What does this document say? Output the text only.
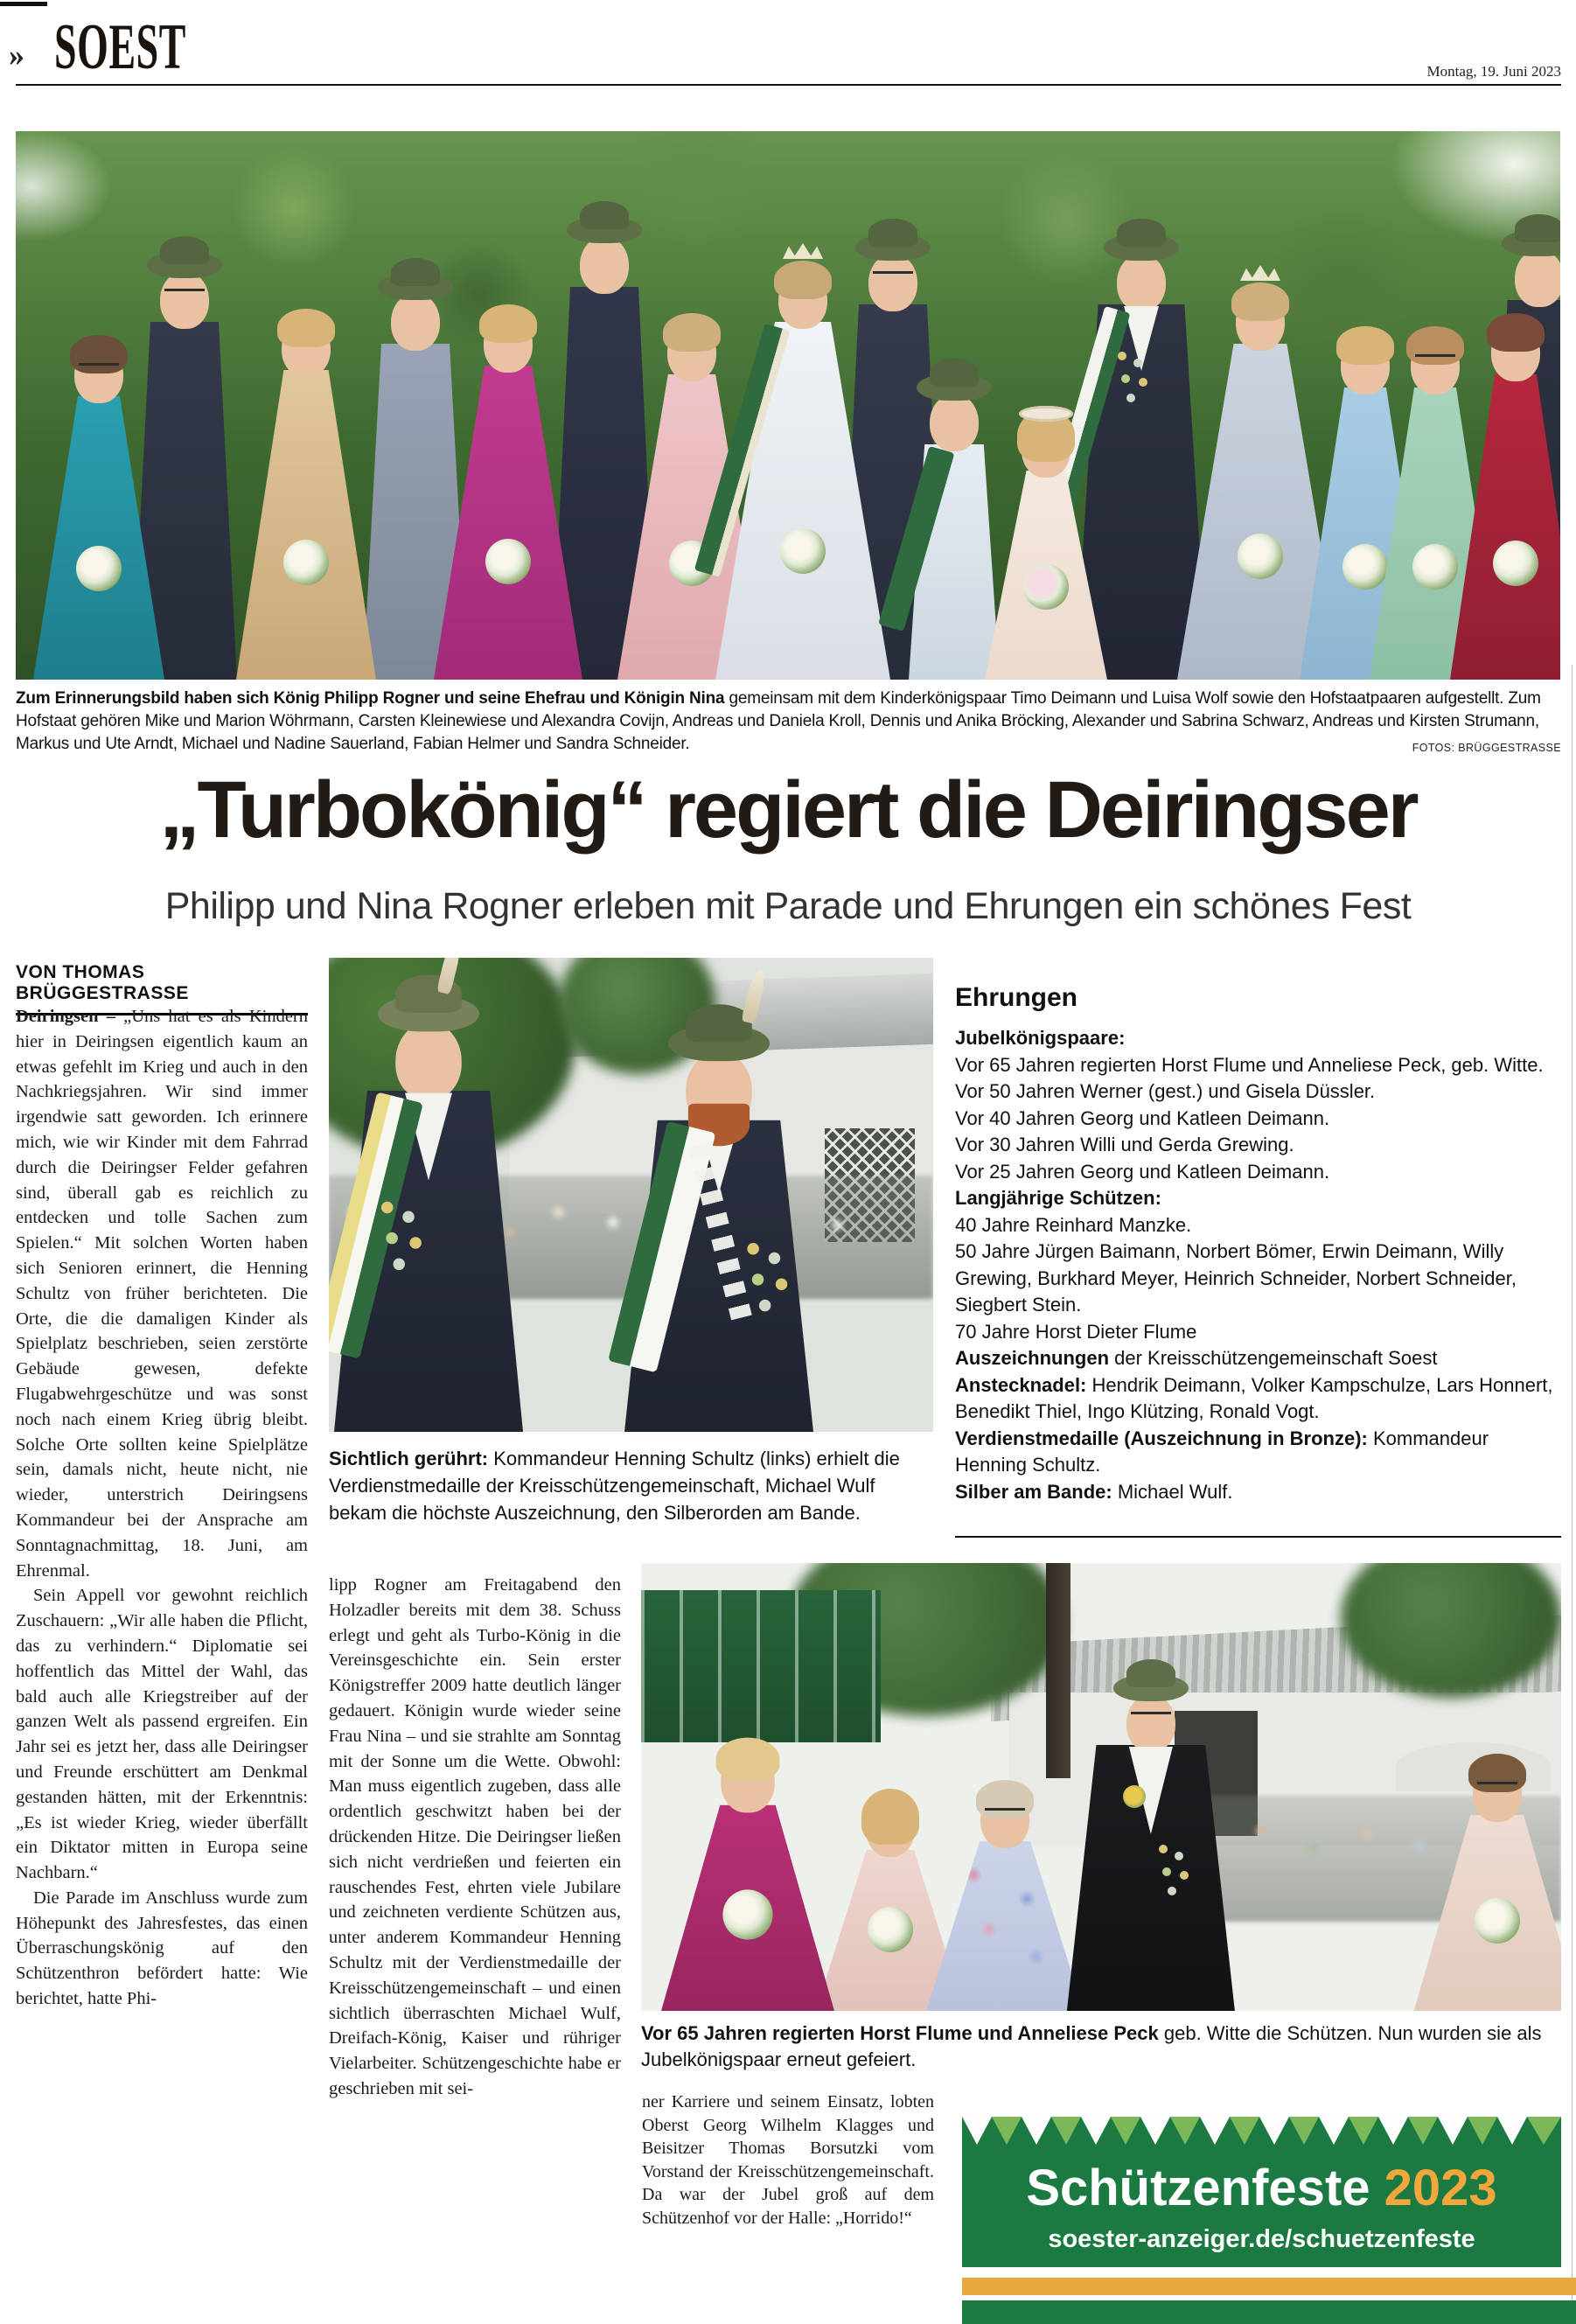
» SOEST	Montag, 19. Juni 2023
Zum Erinnerungsbild haben sich König Philipp Rogner und seine Ehefrau und Königin Nina gemeinsam mit dem Kinderkönigspaar Timo Deimann und Luisa Wolf sowie den Hofstaatpaaren aufgestellt. Zum Hofstaat gehören Mike und Marion Wöhrmann, Carsten Kleinewiese und Alexandra Covijn, Andreas und Daniela Kroll, Dennis und Anika Bröcking, Alexander und Sabrina Schwarz, Andreas und Kirsten Strumann, Markus und Ute Arndt, Michael und Nadine Sauerland, Fabian Helmer und Sandra Schneider.	FOTOS: BRÜGGESTRASSE
„Turbokönig“ regiert die Deiringser
Philipp und Nina Rogner erleben mit Parade und Ehrungen ein schönes Fest
VON THOMAS BRÜGGESTRASSE

Deiringsen – „Uns hat es als Kindern hier in Deiringsen eigentlich kaum an etwas gefehlt im Krieg und auch in den Nachkriegsjahren. Wir sind immer irgendwie satt geworden. Ich erinnere mich, wie wir Kinder mit dem Fahrrad durch die Deiringser Felder gefahren sind, überall gab es reichlich zu entdecken und tolle Sachen zum Spielen.“ Mit solchen Worten haben sich Senioren erinnert, die Henning Schultz von früher berichteten. Die Orte, die die damaligen Kinder als Spielplatz beschrieben, seien zerstörte Gebäude gewesen, defekte Flugabwehrgeschütze und was sonst noch nach einem Krieg übrig bleibt. Solche Orte sollten keine Spielplätze sein, damals nicht, heute nicht, nie wieder, unterstrich Deiringsens Kommandeur bei der Ansprache am Sonntagnachmittag, 18. Juni, am Ehrenmal.

Sein Appell vor gewohnt reichlich Zuschauern: „Wir alle haben die Pflicht, das zu verhindern.“ Diplomatie sei hoffentlich das Mittel der Wahl, das bald auch alle Kriegstreiber auf der ganzen Welt als passend ergreifen. Ein Jahr sei es jetzt her, dass alle Deiringser und Freunde erschüttert am Denkmal gestanden hätten, mit der Erkenntnis: „Es ist wieder Krieg, wieder überfällt ein Diktator mitten in Europa seine Nachbarn.“

Die Parade im Anschluss wurde zum Höhepunkt des Jahresfestes, das einen Überraschungskönig auf den Schützenthron befördert hatte: Wie berichtet, hatte Phi-

Sichtlich gerührt: Kommandeur Henning Schultz (links) erhielt die Verdienstmedaille der Kreisschützengemeinschaft, Michael Wulf bekam die höchste Auszeichnung, den Silberorden am Bande.

lipp Rogner am Freitagabend den Holzadler bereits mit dem 38. Schuss erlegt und geht als Turbo-König in die Vereinsgeschichte ein. Sein erster Königstreffer 2009 hatte deutlich länger gedauert. Königin wurde wieder seine Frau Nina – und sie strahlte am Sonntag mit der Sonne um die Wette. Obwohl: Man muss eigentlich zugeben, dass alle ordentlich geschwitzt haben bei der drückenden Hitze. Die Deiringser ließen sich nicht verdrießen und feierten ein rauschendes Fest, ehrten viele Jubilare und zeichneten verdiente Schützen aus, unter anderem Kommandeur Henning Schultz mit der Verdienstmedaille der Kreisschützengemeinschaft – und einen sichtlich überraschten Michael Wulf, Dreifach-König, Kaiser und rühriger Vielarbeiter. Schützengeschichte habe er geschrieben mit sei-

Ehrungen
Jubelkönigspaare:
Vor 65 Jahren regierten Horst Flume und Anneliese Peck, geb. Witte.
Vor 50 Jahren Werner (gest.) und Gisela Düssler.
Vor 40 Jahren Georg und Katleen Deimann.
Vor 30 Jahren Willi und Gerda Grewing.
Vor 25 Jahren Georg und Katleen Deimann.
Langjährige Schützen:
40 Jahre Reinhard Manzke.
50 Jahre Jürgen Baimann, Norbert Bömer, Erwin Deimann, Willy Grewing, Burkhard Meyer, Heinrich Schneider, Norbert Schneider, Siegbert Stein.
70 Jahre Horst Dieter Flume
Auszeichnungen der Kreisschützengemeinschaft Soest
Anstecknadel: Hendrik Deimann, Volker Kampschulze, Lars Honnert, Benedikt Thiel, Ingo Klützing, Ronald Vogt.
Verdienstmedaille (Auszeichnung in Bronze): Kommandeur Henning Schultz.
Silber am Bande: Michael Wulf.
Vor 65 Jahren regierten Horst Flume und Anneliese Peck geb. Witte die Schützen. Nun wurden sie als Jubelkönigspaar erneut gefeiert.

ner Karriere und seinem Einsatz, lobten Oberst Georg Wilhelm Klagges und Beisitzer Thomas Borsutzki vom Vorstand der Kreisschützengemeinschaft. Da war der Jubel groß auf dem Schützenhof vor der Halle: „Horrido!“

Schützenfeste 2023
soester-anzeiger.de/schuetzenfeste
